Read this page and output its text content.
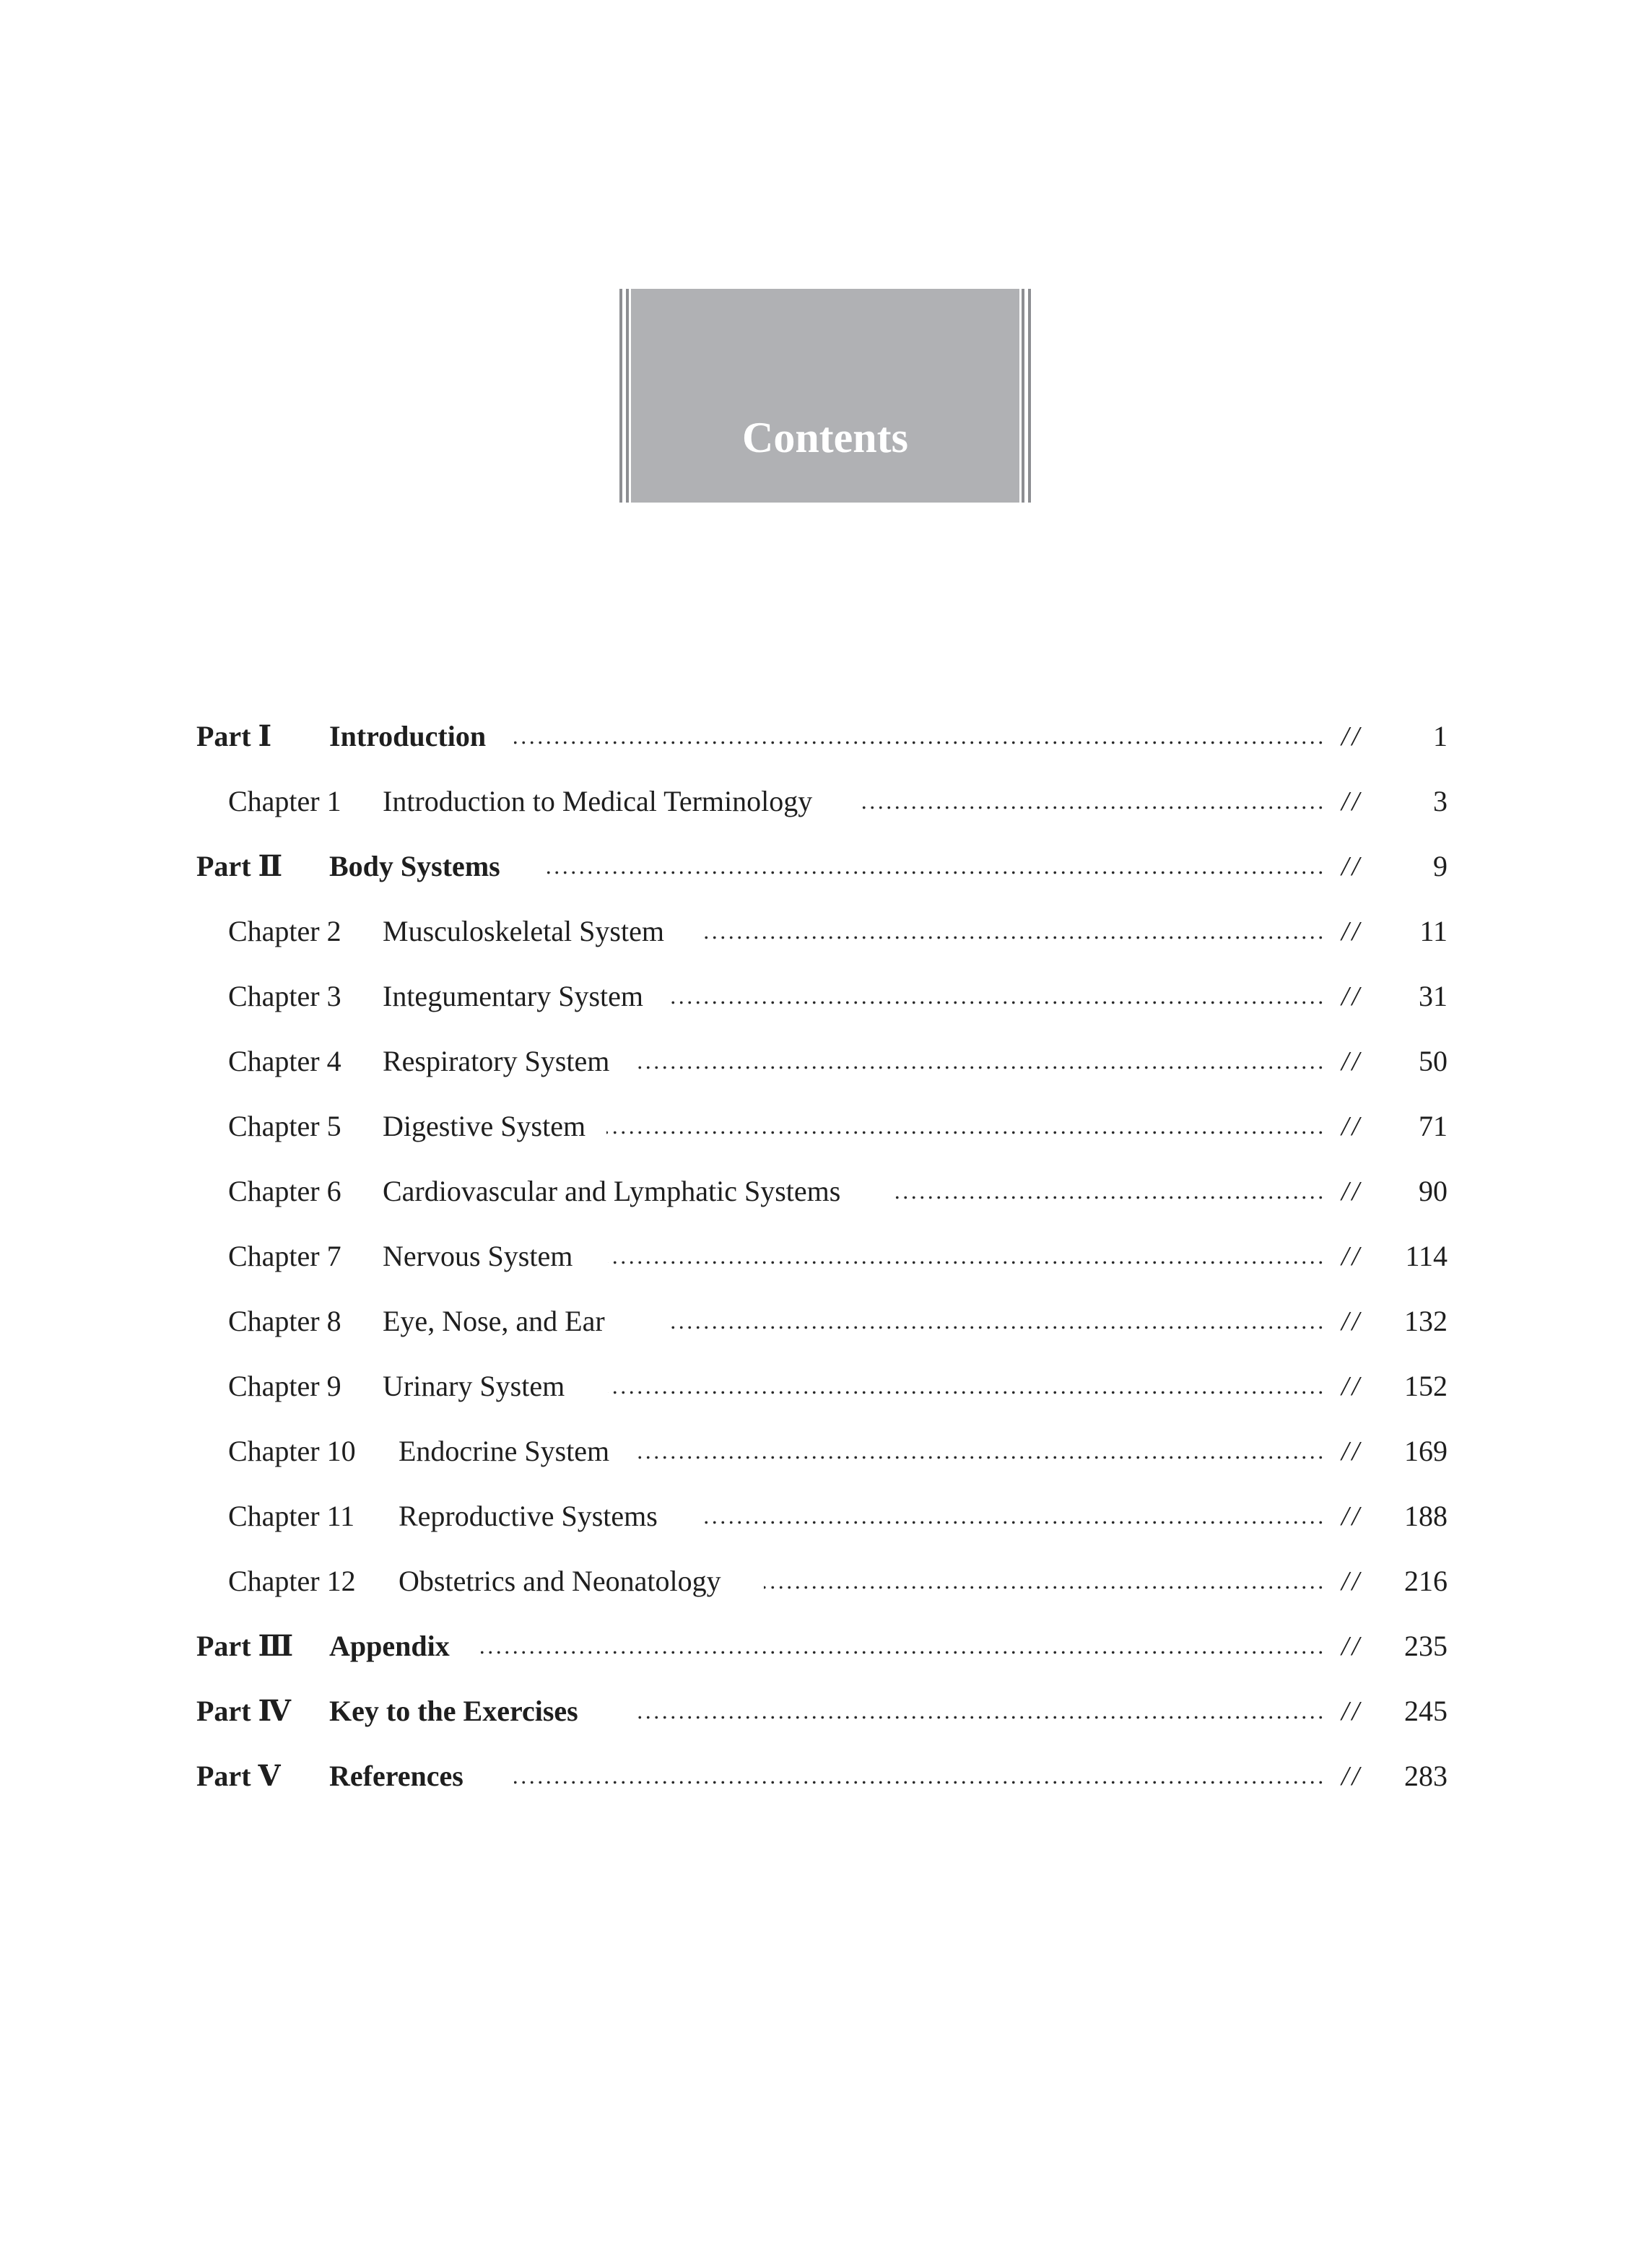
Contents
Part Ⅰ Introduction	// 1
Chapter 1 Introduction to Medical Terminology	// 3
Part Ⅱ Body Systems	// 9
Chapter 2 Musculoskeletal System	// 11
Chapter 3 Integumentary System	// 31
Chapter 4 Respiratory System	// 50
Chapter 5 Digestive System	// 71
Chapter 6 Cardiovascular and Lymphatic Systems	// 90
Chapter 7 Nervous System	// 114
Chapter 8 Eye, Nose, and Ear	// 132
Chapter 9 Urinary System	// 152
Chapter 10 Endocrine System	// 169
Chapter 11 Reproductive Systems	// 188
Chapter 12 Obstetrics and Neonatology	// 216
Part Ⅲ Appendix	// 235
Part Ⅳ Key to the Exercises	// 245
Part Ⅴ References	// 283
